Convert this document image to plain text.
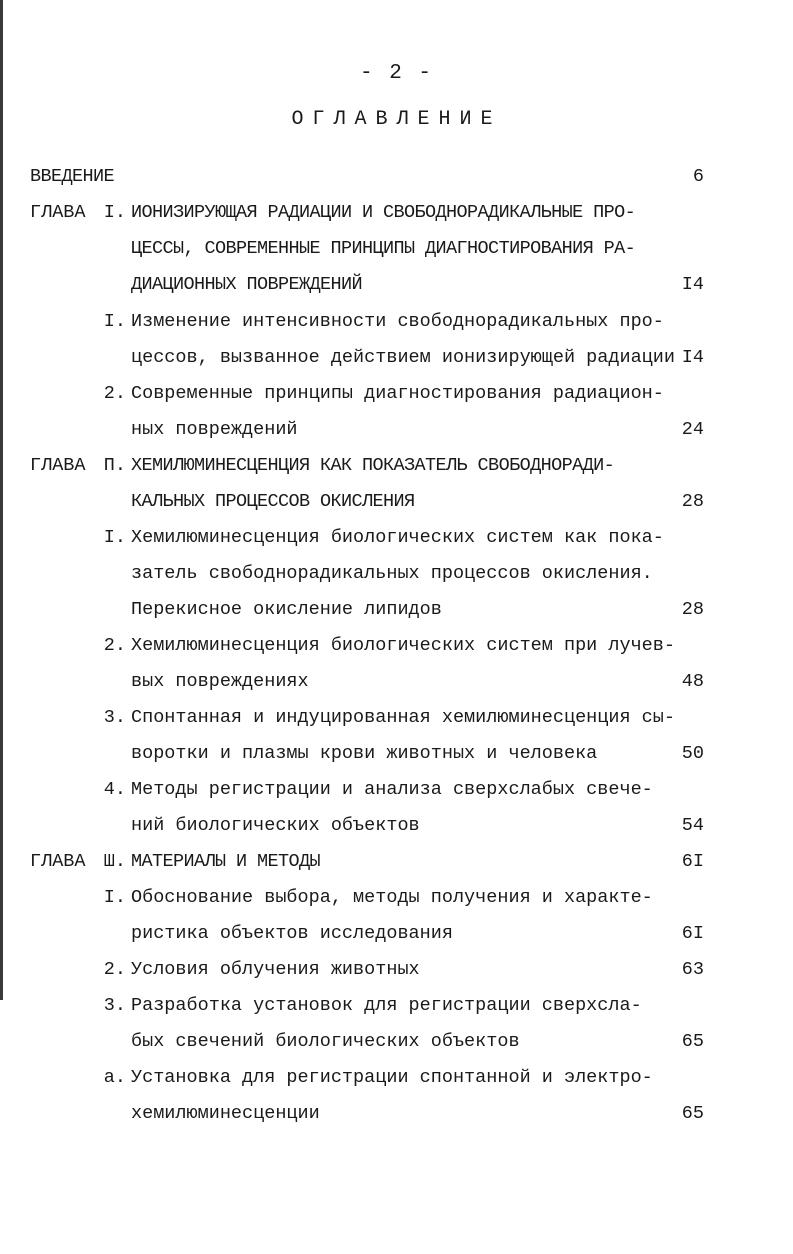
- 2 -
ОГЛАВЛЕНИЕ
ВВЕДЕНИЕ	6
ГЛАВА I. ИОНИЗИРУЮЩАЯ РАДИАЦИИ И СВОБОДНОРАДИКАЛЬНЫЕ ПРО-
ЦЕССЫ, СОВРЕМЕННЫЕ ПРИНЦИПЫ ДИАГНОСТИРОВАНИЯ РА-
ДИАЦИОННЫХ ПОВРЕЖДЕНИЙ	I4
I. Изменение интенсивности свободнорадикальных про-
цессов, вызванное действием ионизирующей радиации I4
2. Современные принципы диагностирования радиацион-
ных повреждений	24
ГЛАВА П. ХЕМИЛЮМИНЕСЦЕНЦИЯ КАК ПОКАЗАТЕЛЬ СВОБОДНОРАДИ-
КАЛЬНЫХ ПРОЦЕССОВ ОКИСЛЕНИЯ	28
I. Хемилюминесценция биологических систем как пока-
затель свободнорадикальных процессов окисления.
Перекисное окисление липидов	28
2. Хемилюминесценция биологических систем при лучев-
вых повреждениях	48
3. Спонтанная и индуцированная хемилюминесценция сы-
воротки и плазмы крови животных и человека	50
4. Методы регистрации и анализа сверхслабых свече-
ний биологических объектов	54
ГЛАВА Ш. МАТЕРИАЛЫ И МЕТОДЫ	6I
I. Обоснование выбора, методы получения и характе-
ристика объектов исследования	6I
2. Условия облучения животных	63
3. Разработка установок для регистрации сверхсла-
бых свечений биологических объектов	65
а. Установка для регистрации спонтанной и электро-
хемилюминесценции	65
